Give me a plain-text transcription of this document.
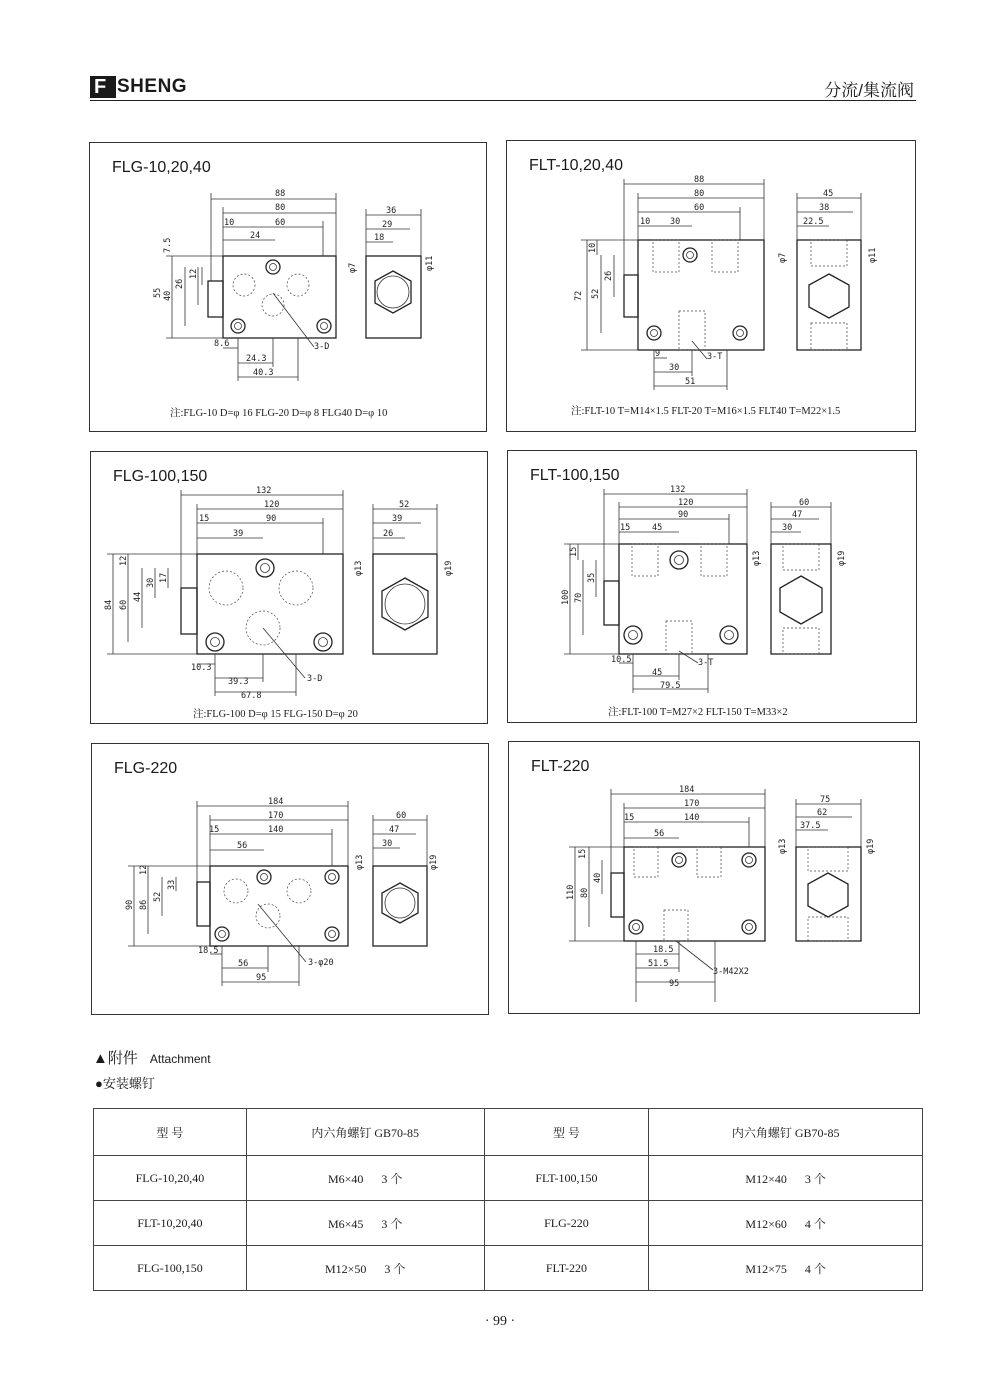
F SHENG	分流/集流阀
FLG-10,20,40
88
80
10	60
24
55 40
26
12
7.5
8.6
24.3
40.3
3-D
36
29
18
φ7	φ11
注:FLG-10 D=φ 16 FLG-20 D=φ 8 FLG40 D=φ 10
FLT-10,20,40
88
80
60
10 30
72 52
26
10
9
30
51
3-T
45
38
22.5
φ7	φ11
注:FLT-10 T=M14×1.5 FLT-20 T=M16×1.5 FLT40 T=M22×1.5
FLG-100,150
132
120
15	90
39
84 60
44
30 17
12
10.3
39.3
67.8
3-D
52
39
26
φ13	φ19
注:FLG-100 D=φ 15 FLG-150 D=φ 20
FLT-100,150
132
120
90
15	45
100 70
35
15
10.5
45
79.5
3-T
60
47
30
φ13	φ19
注:FLT-100 T=M27×2 FLT-150 T=M33×2
FLG-220
184
170
15	140
56
90 86
52
33
12
18.5
56
95
3-φ20
60
47
30
φ13	φ19
FLT-220
184
170
15	140
56
110 80
40
15
18.5
51.5
95
3-M42X2
75
62
37.5
φ13	φ19
▲附件 Attachment
●安装螺钉
型 号	内六角螺钉 GB70-85	型 号	内六角螺钉 GB70-85
FLG-10,20,40	M6×40 3 个	FLT-100,150	M12×40 3 个
FLT-10,20,40	M6×45 3 个	FLG-220	M12×60 4 个
FLG-100,150	M12×50 3 个	FLT-220	M12×75 4 个
· 99 ·
